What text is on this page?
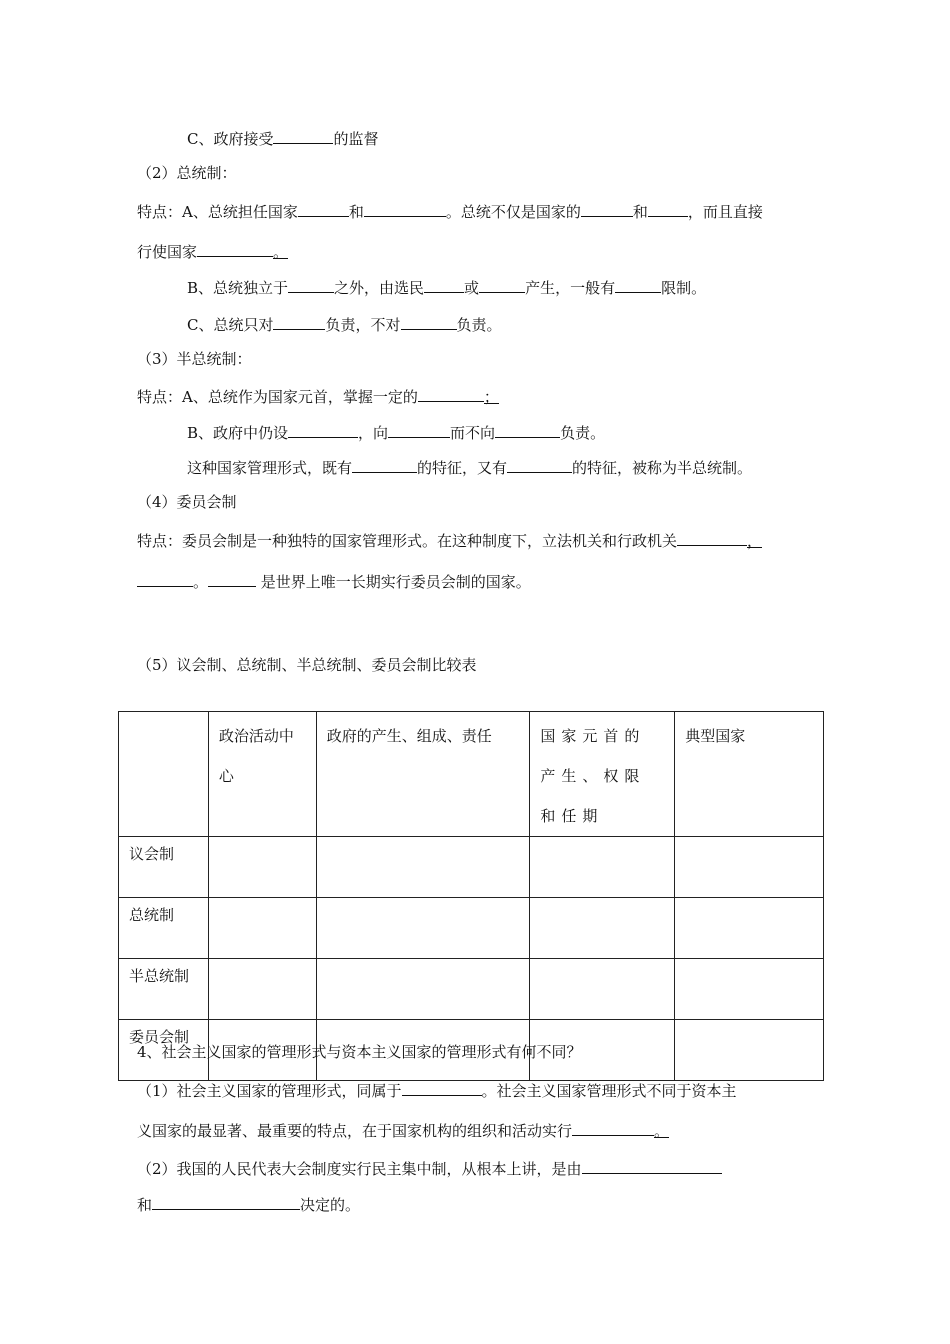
C、政府接受	的监督
（2）总统制：
特点：A、总统担任国家	和	。总统不仅是国家的	和	，而且直接
行使国家	。
B、总统独立于	之外，由选民	或	产生，一般有	限制。
C、总统只对	负责，不对	负责。
（3）半总统制：
特点：A、总统作为国家元首，掌握一定的	；
B、政府中仍设	，向	而不向	负责。
这种国家管理形式，既有	的特征，又有	的特征，被称为半总统制。
（4）委员会制
特点：委员会制是一种独特的国家管理形式。在这种制度下，立法机关和行政机关	，
。	是世界上唯一长期实行委员会制的国家。
（5）议会制、总统制、半总统制、委员会制比较表
	政治活动中心	政府的产生、组成、责任	国家元首的产生、权限和任期	典型国家
议会制				
总统制				
半总统制				
委员会制				
4、社会主义国家的管理形式与资本主义国家的管理形式有何不同？
（1）社会主义国家的管理形式，同属于	。社会主义国家管理形式不同于资本主
义国家的最显著、最重要的特点，在于国家机构的组织和活动实行	。
（2）我国的人民代表大会制度实行民主集中制，从根本上讲，是由
和	决定的。
